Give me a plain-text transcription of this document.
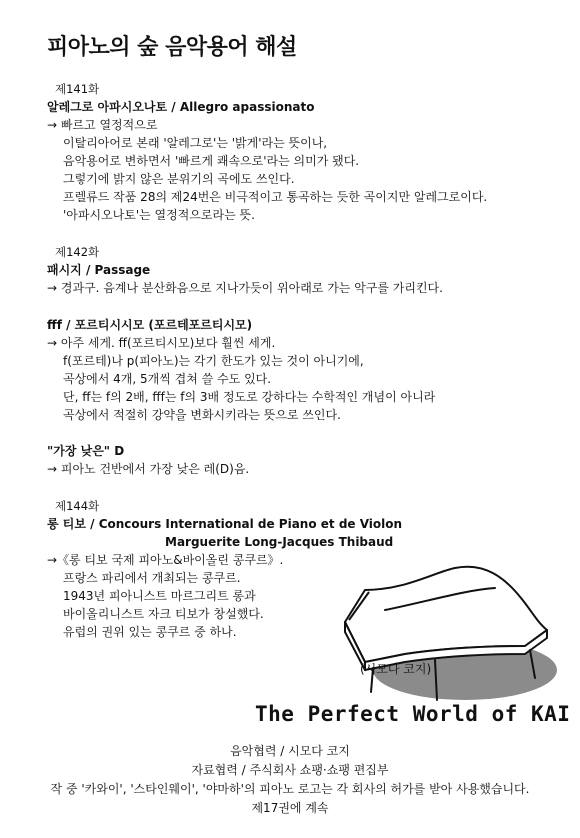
피아노의 숲 음악용어 해설
제141화
알레그로 아파시오나토 / Allegro apassionato
→ 빠르고 열정적으로
이탈리아어로 본래 '알레그로'는 '밝게'라는 뜻이나,
음악용어로 변하면서 '빠르게 쾌속으로'라는 의미가 됐다.
그렇기에 밝지 않은 분위기의 곡에도 쓰인다.
프렐류드 작품 28의 제24번은 비극적이고 통곡하는 듯한 곡이지만 알레그로이다.
'아파시오나토'는 열정적으로라는 뜻.
제142화
패시지 / Passage
→ 경과구. 음계나 분산화음으로 지나가듯이 위아래로 가는 악구를 가리킨다.
fff / 포르티시시모 (포르테포르티시모)
→ 아주 세게. ff(포르티시모)보다 훨씬 세게.
f(포르테)나 p(피아노)는 각기 한도가 있는 것이 아니기에,
곡상에서 4개, 5개씩 겹쳐 쓸 수도 있다.
단, ff는 f의 2배, fff는 f의 3배 정도로 강하다는 수학적인 개념이 아니라
곡상에서 적절히 강약을 변화시키라는 뜻으로 쓰인다.
"가장 낮은" D
→ 피아노 건반에서 가장 낮은 레(D)음.
제144화
롱 티보 / Concours International de Piano et de Violon
Marguerite Long-Jacques Thibaud
→《롱 티보 국제 피아노&바이올린 콩쿠르》.
프랑스 파리에서 개최되는 콩쿠르.
1943년 피아니스트 마르그리트 롱과
바이올리니스트 자크 티보가 창설했다.
유럽의 권위 있는 콩쿠르 중 하나.
(시모다 코지)
The Perfect World of KAI
음악협력 / 시모다 코지
자료협력 / 주식회사 쇼팽·쇼팽 편집부
작 중 '카와이', '스타인웨이', '야마하'의 피아노 로고는 각 회사의 허가를 받아 사용했습니다.
제17권에 계속
